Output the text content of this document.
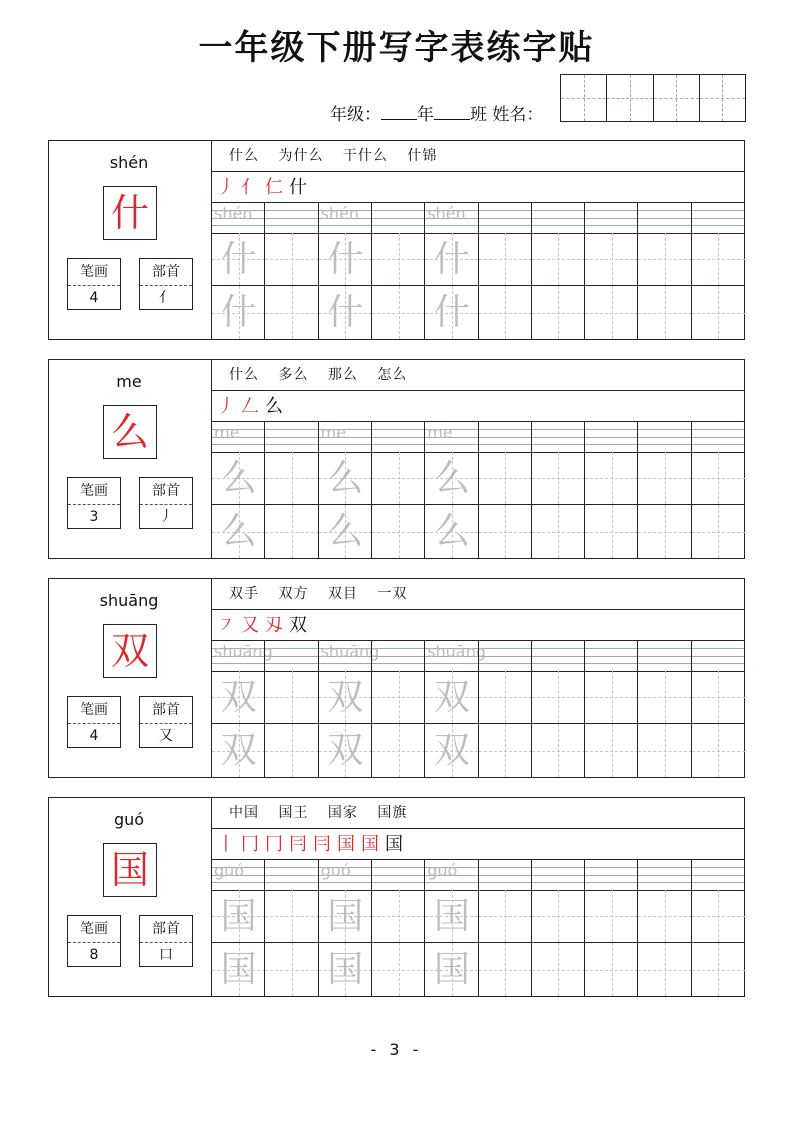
一年级下册写字表练字贴
年级： 年 班 姓名：
shén
什
笔画
4
部首
亻
什么 为什么 干什么 什锦
丿亻仁什
shén
什
什
shén
什
什
shén
什
什
me
么
笔画
3
部首
丿
什么 多么 那么 怎么
丿𠃋么
me
么
么
me
么
么
me
么
么
shuāng
双
笔画
4
部首
又
双手 双方 双目 一双
㇇又刄双
shuāng
双
双
shuāng
双
双
shuāng
双
双
guó
国
笔画
8
部首
口
中国 国王 国家 国旗
丨冂冂冃冃国国国
guó
国
国
guó
国
国
guó
国
国
- 3 -
